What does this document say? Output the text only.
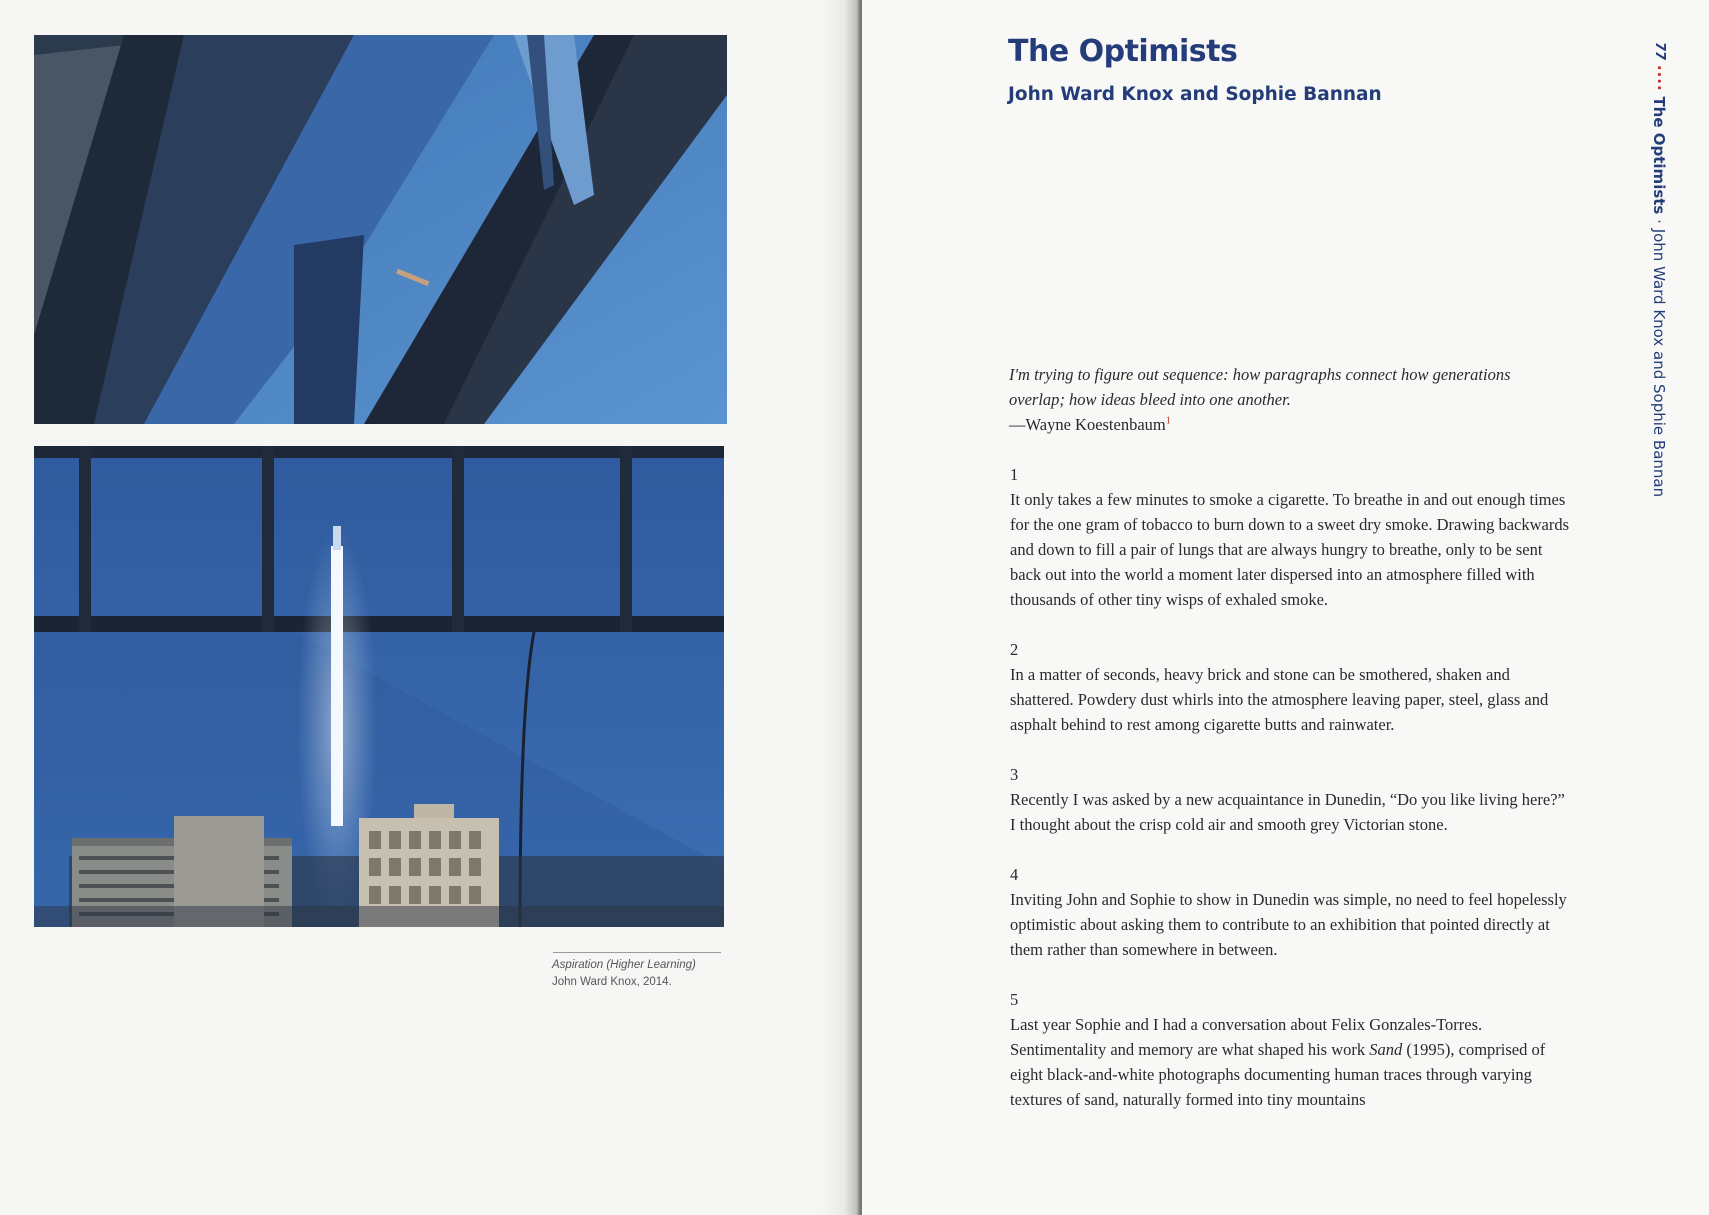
Aspiration (Higher Learning)
John Ward Knox, 2014.
The Optimists
John Ward Knox and Sophie Bannan
77 ···· The Optimists · John Ward Knox and Sophie Bannan
I'm trying to figure out sequence: how paragraphs connect how generations overlap; how ideas bleed into one another.
—Wayne Koestenbaum$^1$
1

It only takes a few minutes to smoke a cigarette. To breathe in and out enough times for the one gram of tobacco to burn down to a sweet dry smoke. Drawing backwards and down to fill a pair of lungs that are always hungry to breathe, only to be sent back out into the world a moment later dispersed into an atmosphere filled with thousands of other tiny wisps of exhaled smoke.

2

In a matter of seconds, heavy brick and stone can be smothered, shaken and shattered. Powdery dust whirls into the atmosphere leaving paper, steel, glass and asphalt behind to rest among cigarette butts and rainwater.

3

Recently I was asked by a new acquaintance in Dunedin, “Do you like living here?” I thought about the crisp cold air and smooth grey Victorian stone.

4

Inviting John and Sophie to show in Dunedin was simple, no need to feel hopelessly optimistic about asking them to contribute to an exhibition that pointed directly at them rather than somewhere in between.

5

Last year Sophie and I had a conversation about Felix Gonzales-Torres. Sentimentality and memory are what shaped his work Sand (1995), comprised of eight black-and-white photographs documenting human traces through varying textures of sand, naturally formed into tiny mountains
